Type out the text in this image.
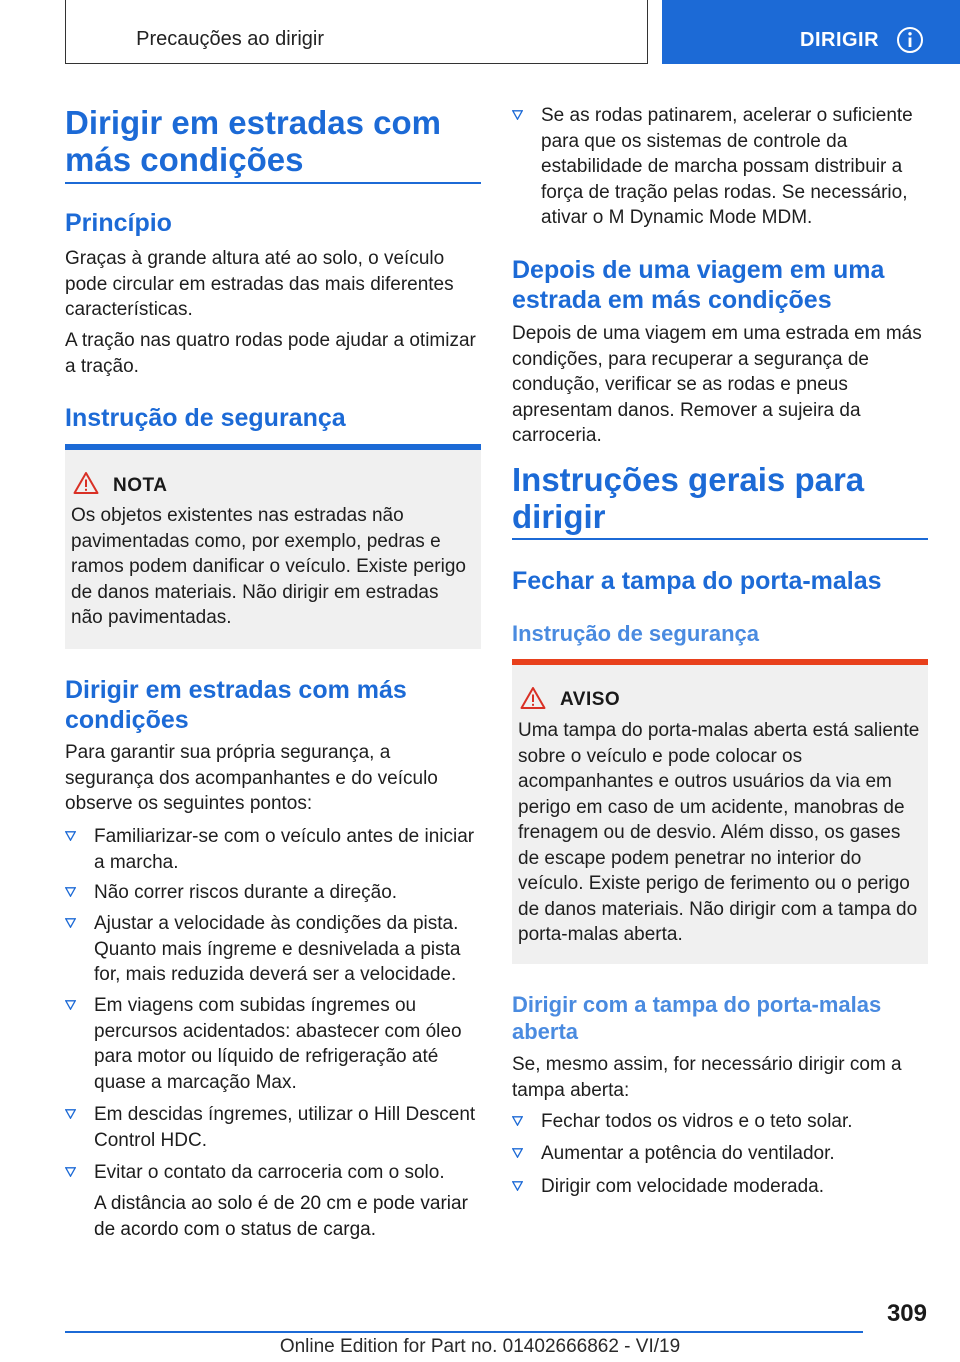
Precauções ao dirigir	DIRIGIR
Dirigir em estradas com más condições
Princípio

Graças à grande altura até ao solo, o veículo pode circular em estradas das mais diferentes características.

A tração nas quatro rodas pode ajudar a otimizar a tração.

Instrução de segurança
NOTA
Os objetos existentes nas estradas não pavimentadas como, por exemplo, pedras e ramos podem danificar o veículo. Existe perigo de danos materiais. Não dirigir em estradas não pavimentadas.
Dirigir em estradas com más condições

Para garantir sua própria segurança, a segurança dos acompanhantes e do veículo observe os seguintes pontos:

Familiarizar-se com o veículo antes de iniciar a marcha.
Não correr riscos durante a direção.
Ajustar a velocidade às condições da pista. Quanto mais íngreme e desnivelada a pista for, mais reduzida deverá ser a velocidade.
Em viagens com subidas íngremes ou percursos acidentados: abastecer com óleo para motor ou líquido de refrigeração até quase a marcação Max.
Em descidas íngremes, utilizar o Hill Descent Control HDC.
Evitar o contato da carroceria com o solo.
A distância ao solo é de 20 cm e pode variar de acordo com o status de carga.
Se as rodas patinarem, acelerar o suficiente para que os sistemas de controle da estabilidade de marcha possam distribuir a força de tração pelas rodas. Se necessário, ativar o M Dynamic Mode MDM.
Depois de uma viagem em uma estrada em más condições

Depois de uma viagem em uma estrada em más condições, para recuperar a segurança de condução, verificar se as rodas e pneus apresentam danos. Remover a sujeira da carroceria.

Instruções gerais para dirigir
Fechar a tampa do porta-malas
Instrução de segurança
AVISO
Uma tampa do porta-malas aberta está saliente sobre o veículo e pode colocar os acompanhantes e outros usuários da via em perigo em caso de um acidente, manobras de frenagem ou de desvio. Além disso, os gases de escape podem penetrar no interior do veículo. Existe perigo de ferimento ou o perigo de danos materiais. Não dirigir com a tampa do porta-malas aberta.
Dirigir com a tampa do porta-malas aberta

Se, mesmo assim, for necessário dirigir com a tampa aberta:

Fechar todos os vidros e o teto solar.
Aumentar a potência do ventilador.
Dirigir com velocidade moderada.
309
Online Edition for Part no. 01402666862 - VI/19
